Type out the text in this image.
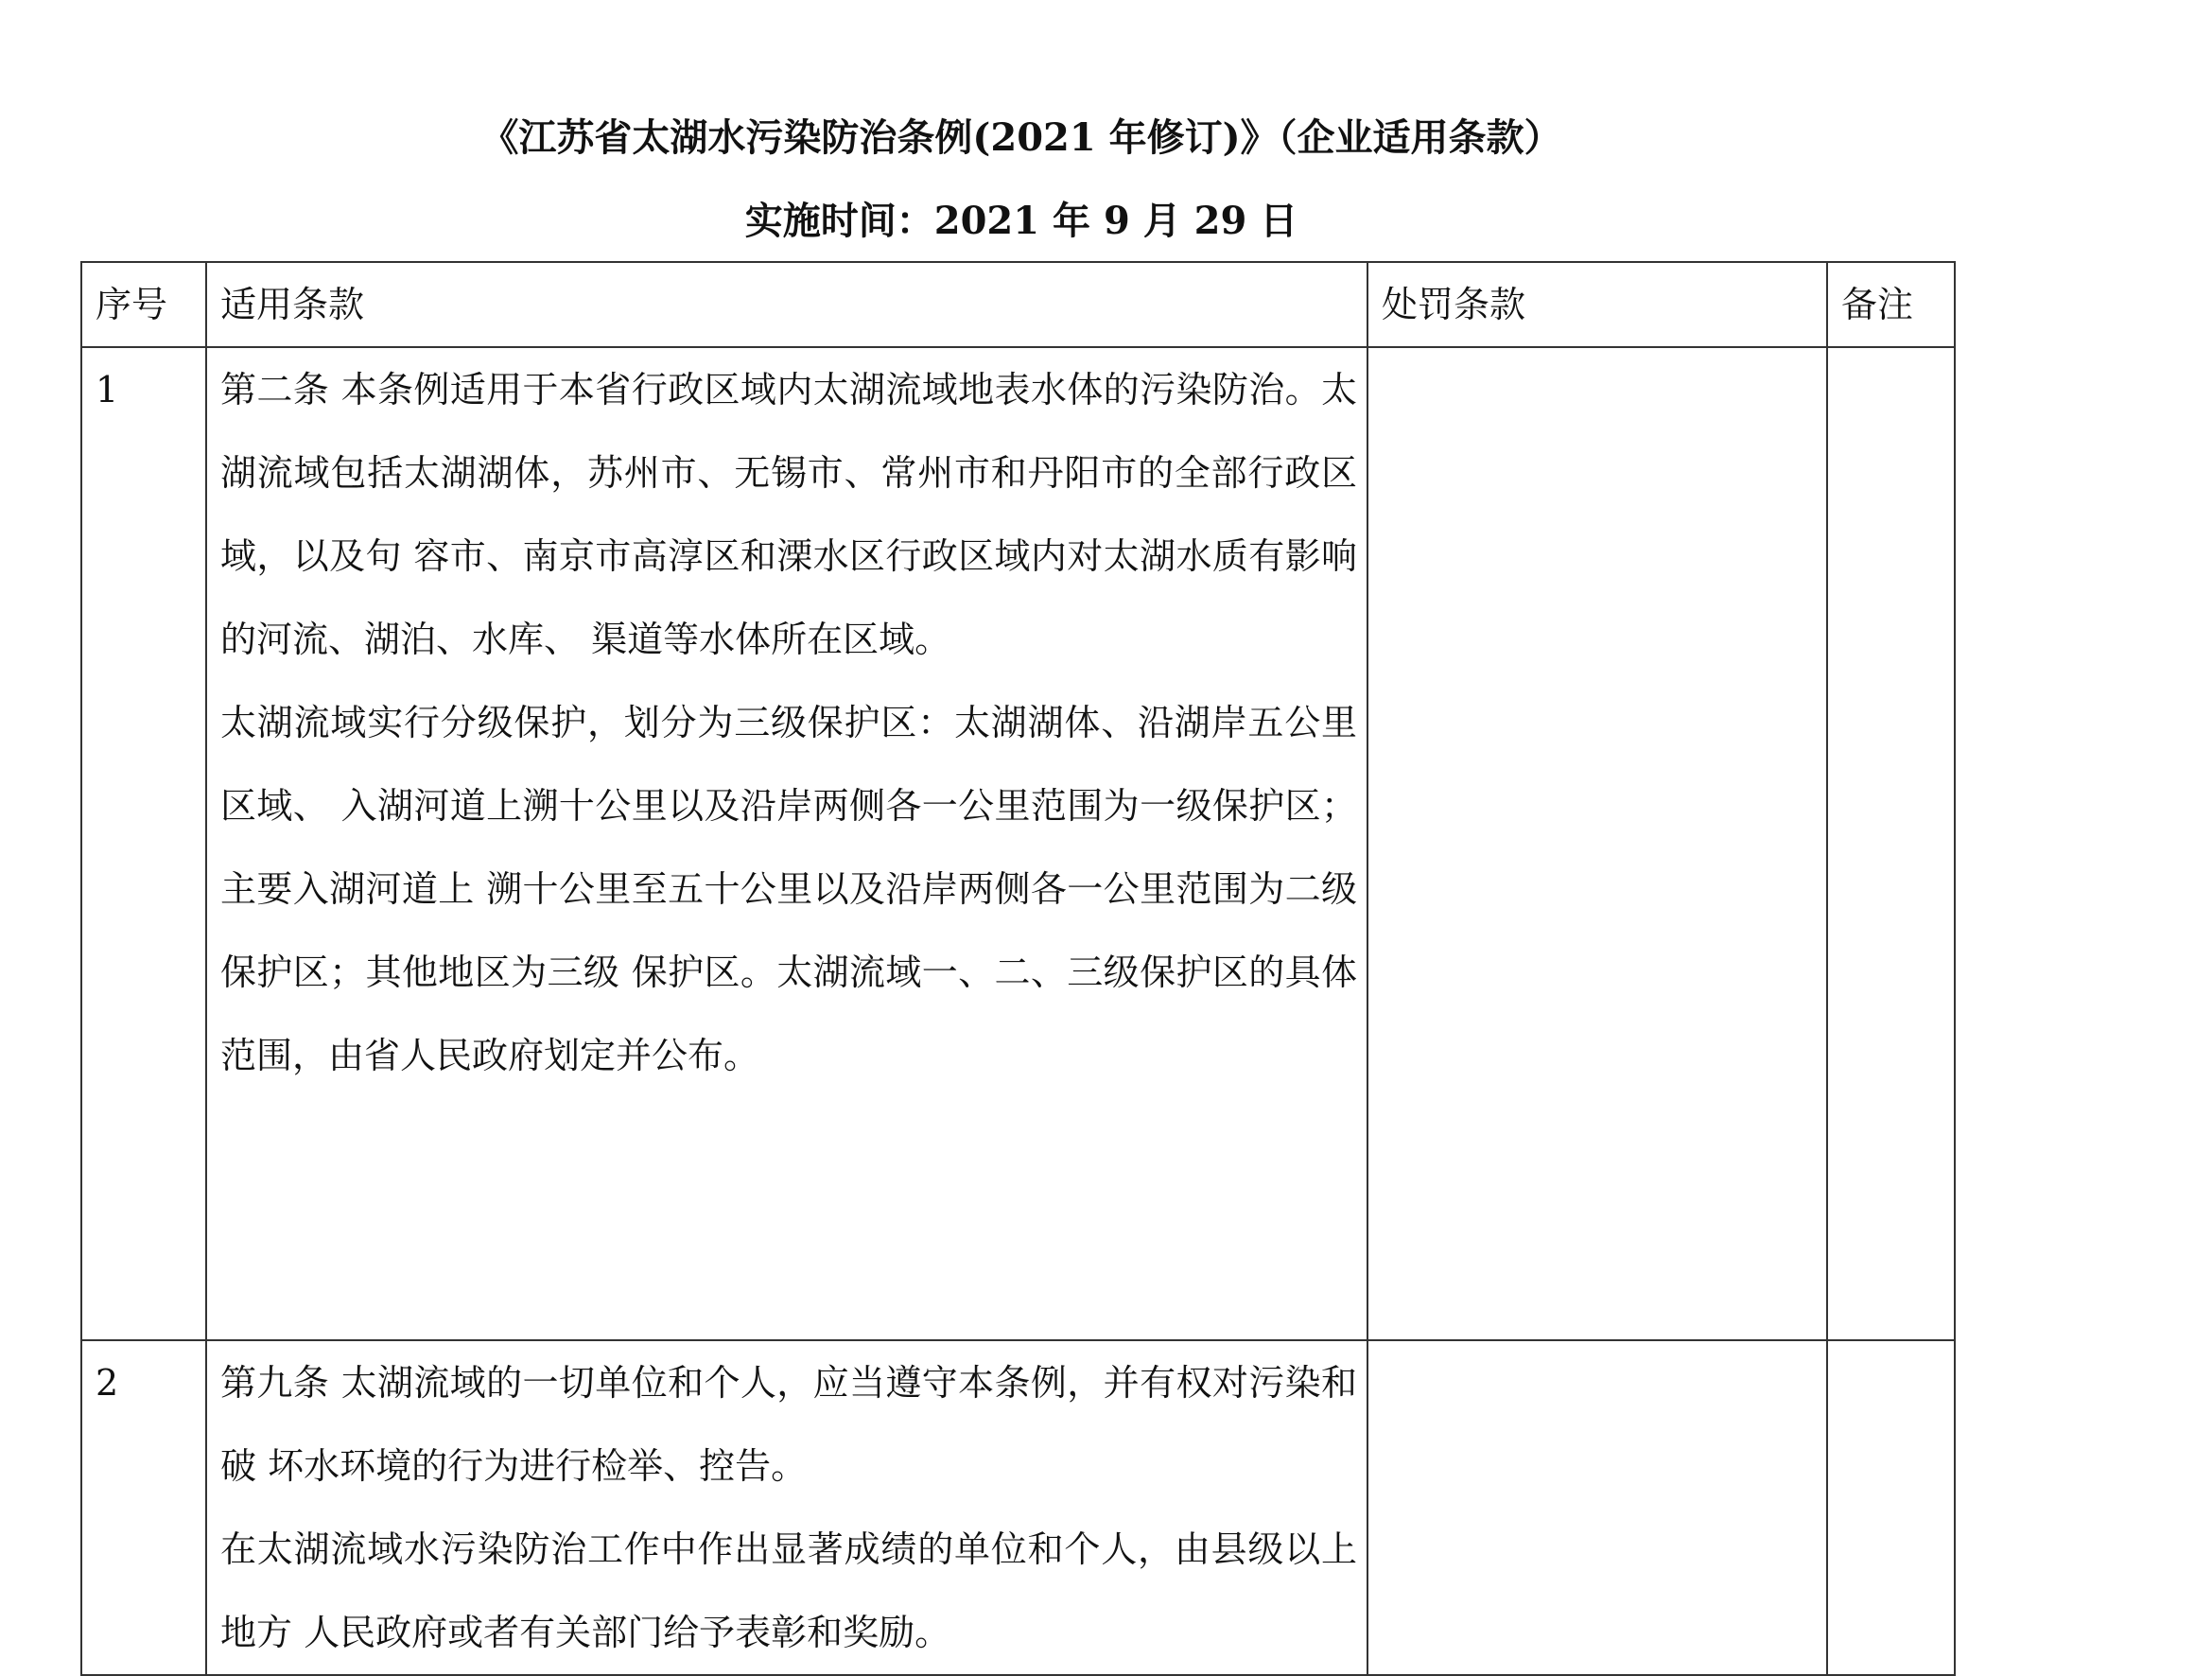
《江苏省太湖水污染防治条例(2021 年修订)》（企业适用条款）
实施时间：2021 年 9 月 29 日
序号	适用条款	处罚条款	备注
1	第二条 本条例适用于本省行政区域内太湖流域地表水体的污染防治。太湖流域包括太湖湖体，苏州市、无锡市、常州市和丹阳市的全部行政区域，以及句 容市、南京市高淳区和溧水区行政区域内对太湖水质有影响的河流、湖泊、水库、 渠道等水体所在区域。
太湖流域实行分级保护，划分为三级保护区：太湖湖体、沿湖岸五公里区域、 入湖河道上溯十公里以及沿岸两侧各一公里范围为一级保护区；主要入湖河道上 溯十公里至五十公里以及沿岸两侧各一公里范围为二级保护区；其他地区为三级 保护区。太湖流域一、二、三级保护区的具体范围，由省人民政府划定并公布。		

2	第九条 太湖流域的一切单位和个人，应当遵守本条例，并有权对污染和破 坏水环境的行为进行检举、控告。
在太湖流域水污染防治工作中作出显著成绩的单位和个人，由县级以上地方 人民政府或者有关部门给予表彰和奖励。		
